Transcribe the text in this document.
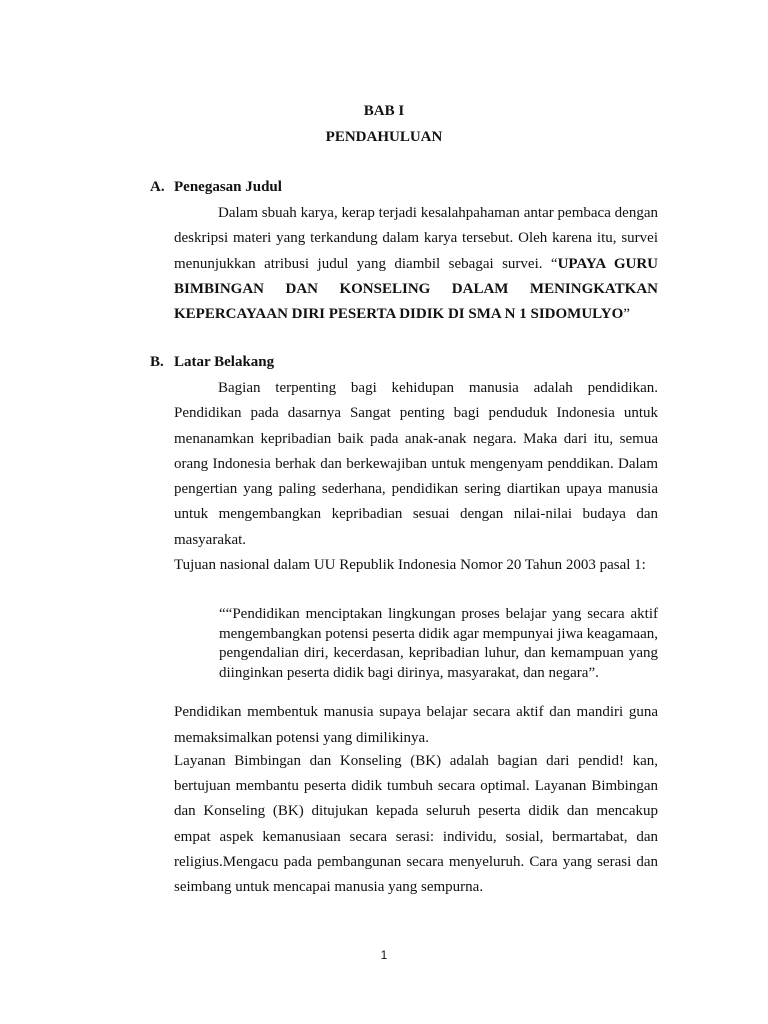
BAB I
PENDAHULUAN
A. Penegasan Judul

Dalam sbuah karya, kerap terjadi kesalahpahaman antar pembaca dengan deskripsi materi yang terkandung dalam karya tersebut. Oleh karena itu, survei menunjukkan atribusi judul yang diambil sebagai survei. “UPAYA GURU BIMBINGAN DAN KONSELING DALAM MENINGKATKAN KEPERCAYAAN DIRI PESERTA DIDIK DI SMA N 1 SIDOMULYO”

B. Latar Belakang

Bagian terpenting bagi kehidupan manusia adalah pendidikan. Pendidikan pada dasarnya Sangat penting bagi penduduk Indonesia untuk menanamkan kepribadian baik pada anak-anak negara. Maka dari itu, semua orang Indonesia berhak dan berkewajiban untuk mengenyam penddikan. Dalam pengertian yang paling sederhana, pendidikan sering diartikan upaya manusia untuk mengembangkan kepribadian sesuai dengan nilai-nilai budaya dan masyarakat.

Tujuan nasional dalam UU Republik Indonesia Nomor 20 Tahun 2003 pasal 1:

““Pendidikan menciptakan lingkungan proses belajar yang secara aktif mengembangkan potensi peserta didik agar mempunyai jiwa keagamaan, pengendalian diri, kecerdasan, kepribadian luhur, dan kemampuan yang diinginkan peserta didik bagi dirinya, masyarakat, dan negara”.

Pendidikan membentuk manusia supaya belajar secara aktif dan mandiri guna memaksimalkan potensi yang dimilikinya.

Layanan Bimbingan dan Konseling (BK) adalah bagian dari pendid! kan, bertujuan membantu peserta didik tumbuh secara optimal. Layanan Bimbingan dan Konseling (BK) ditujukan kepada seluruh peserta didik dan mencakup empat aspek kemanusiaan secara serasi: individu, sosial, bermartabat, dan religius.Mengacu pada pembangunan secara menyeluruh. Cara yang serasi dan seimbang untuk mencapai manusia yang sempurna.

1
